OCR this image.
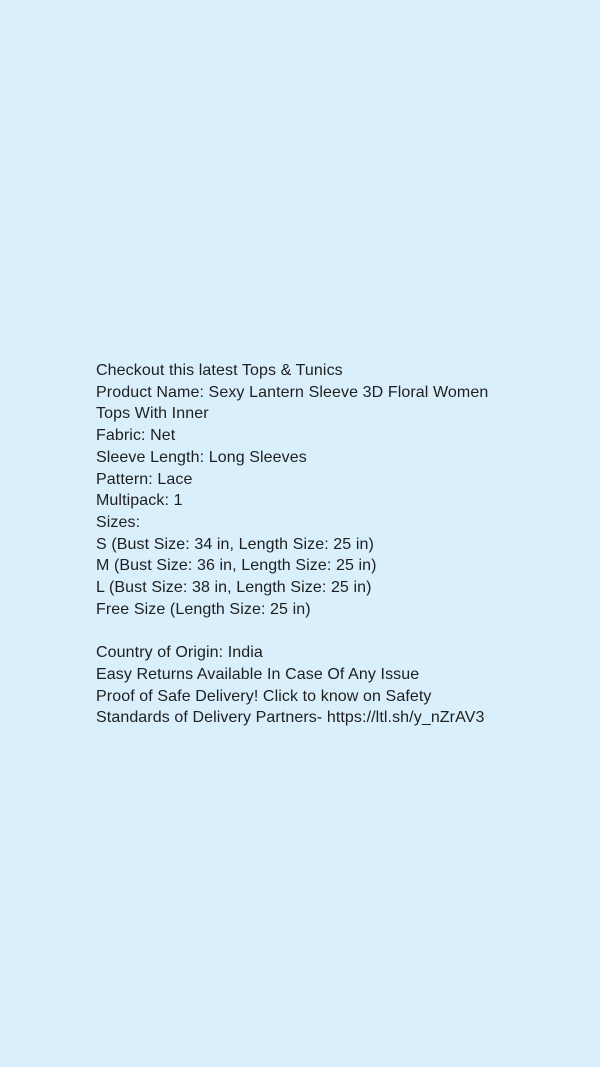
Checkout this latest Tops & Tunics
Product Name: Sexy Lantern Sleeve 3D Floral Women
Tops With Inner
Fabric: Net
Sleeve Length: Long Sleeves
Pattern: Lace
Multipack: 1
Sizes:
S (Bust Size: 34 in, Length Size: 25 in)
M (Bust Size: 36 in, Length Size: 25 in)
L (Bust Size: 38 in, Length Size: 25 in)
Free Size (Length Size: 25 in)

Country of Origin: India
Easy Returns Available In Case Of Any Issue
Proof of Safe Delivery! Click to know on Safety
Standards of Delivery Partners- https://ltl.sh/y_nZrAV3
